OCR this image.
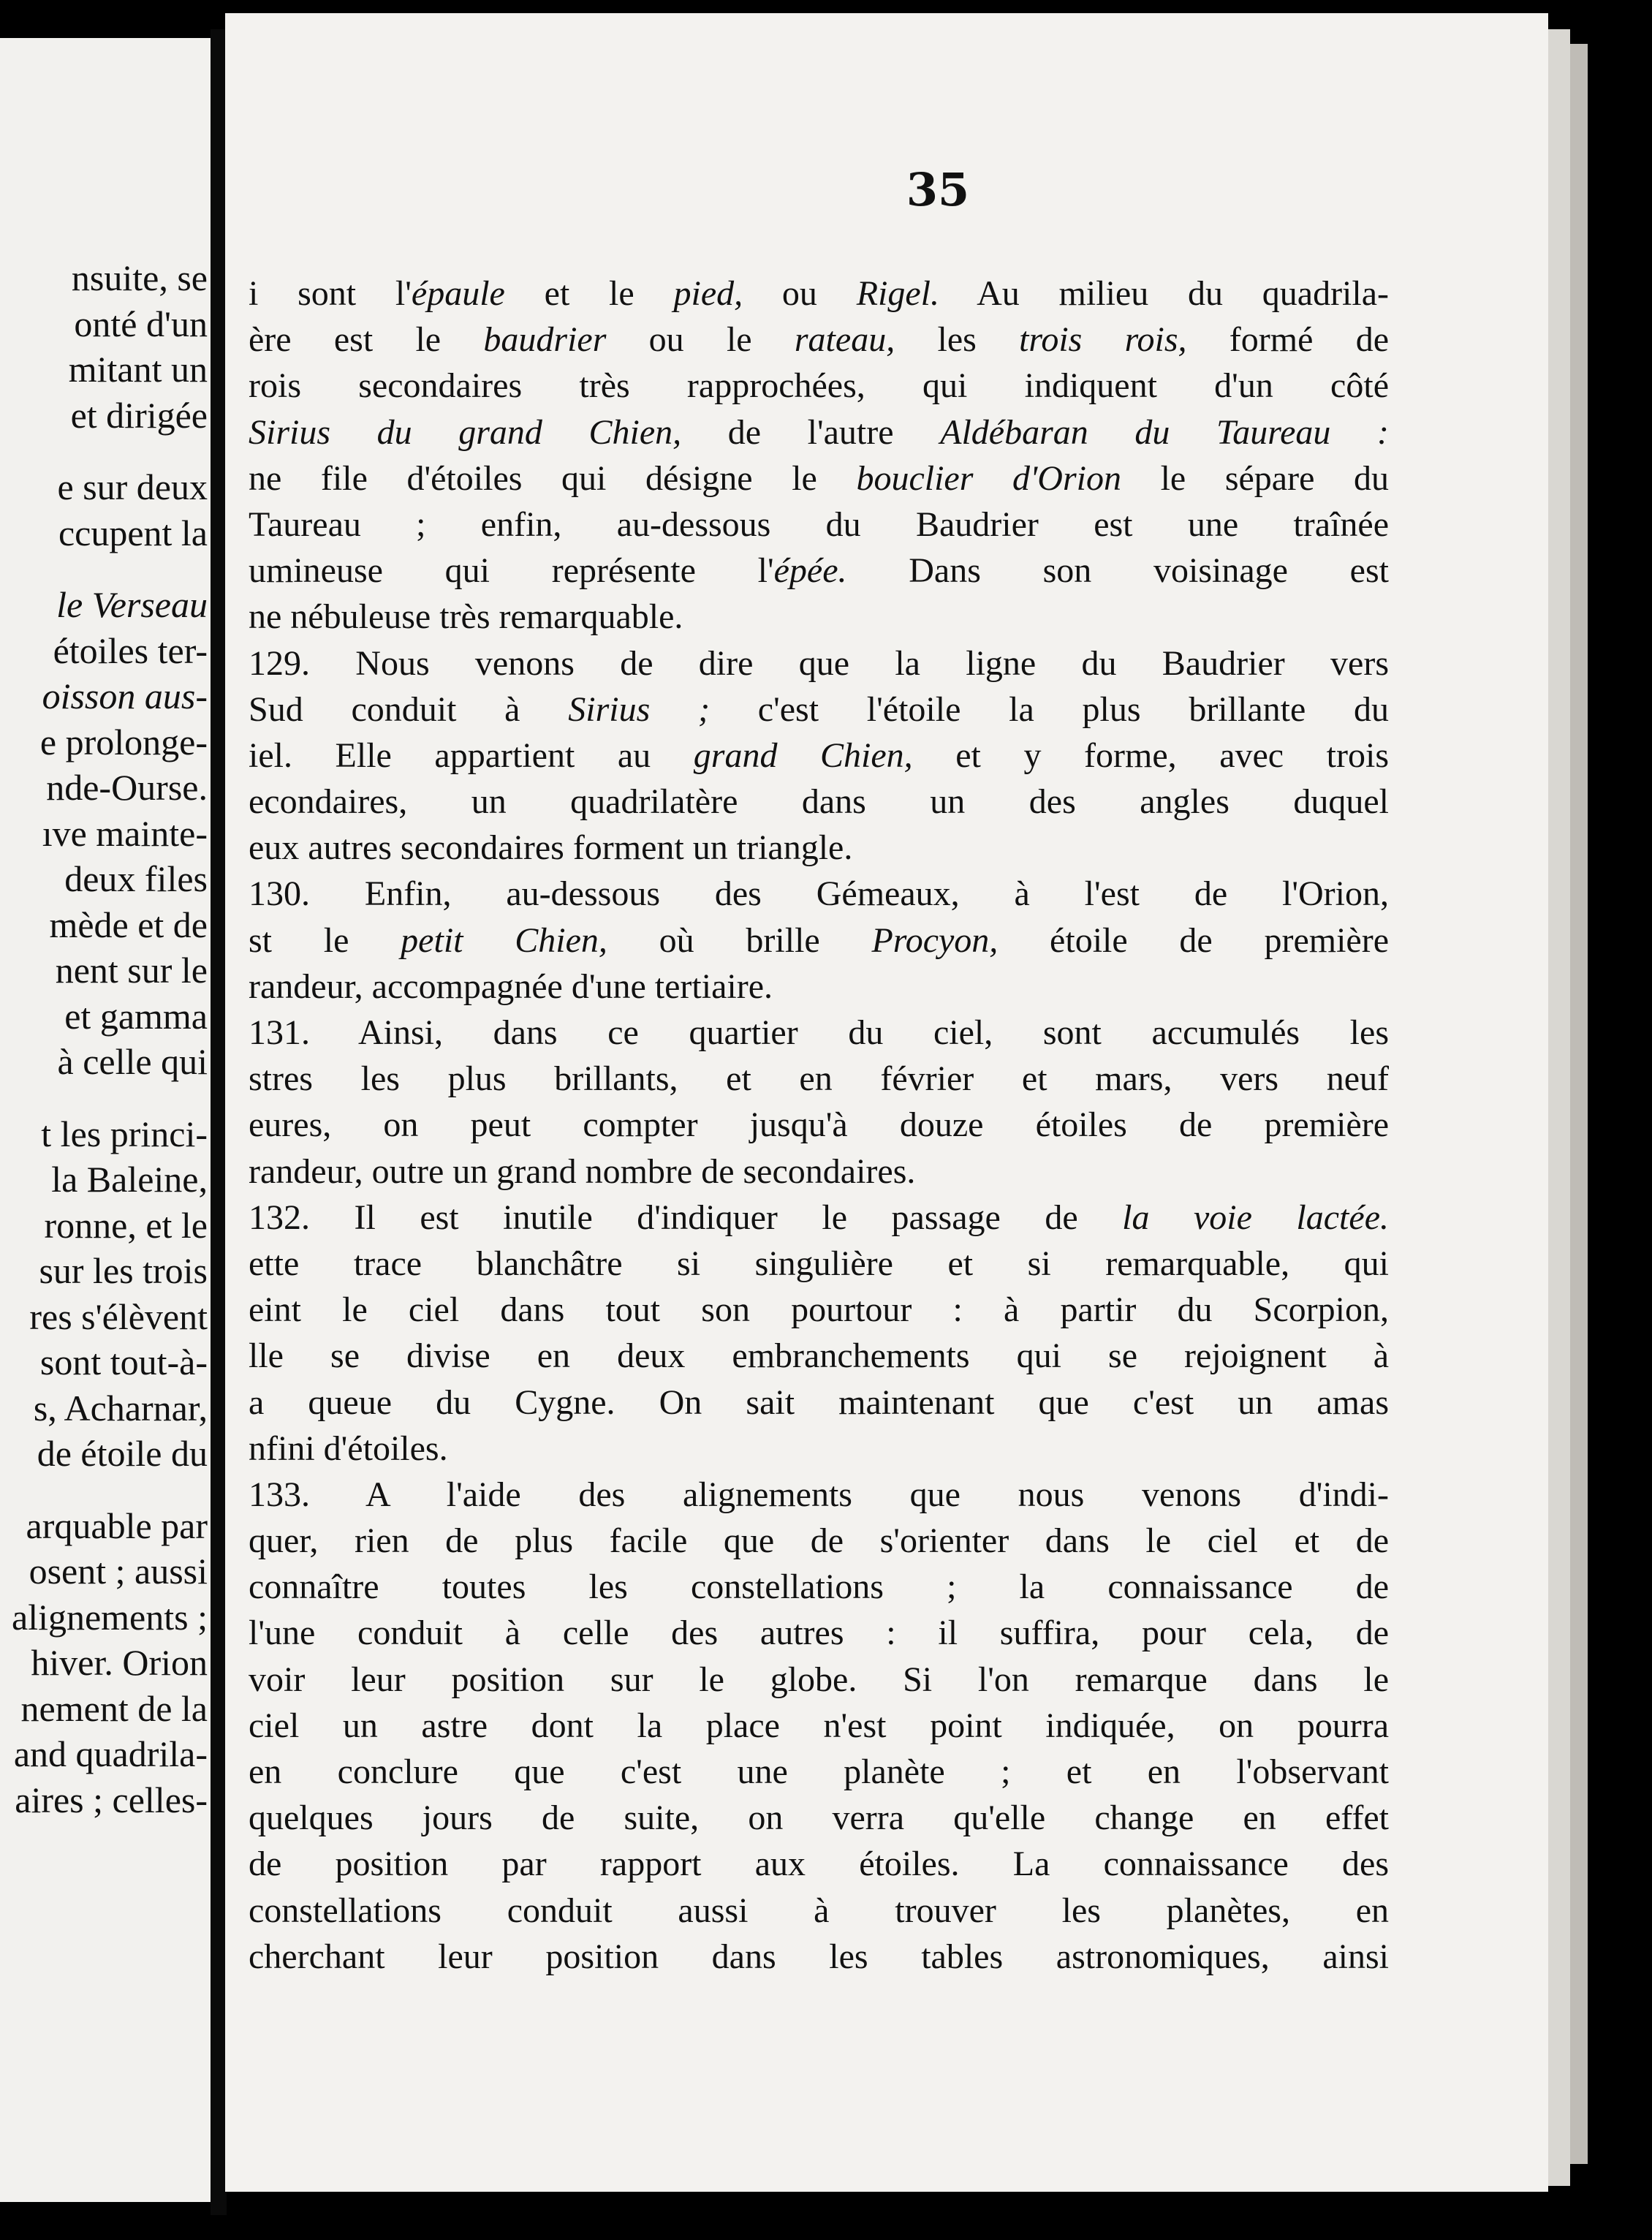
nsuite, se
onté d'un
mitant un
et dirigée
e sur deux
ccupent la
le Verseau
étoiles ter-
oisson aus-
e prolonge-
nde-Ourse.
ıve mainte-
deux files
mède et de
nent sur le
et gamma
à celle qui
t les princi-
la Baleine,
ronne, et le
sur les trois
res s'élèvent
sont tout-à-
s, Acharnar,
de étoile du
arquable par
osent ; aussi
alignements ;
hiver. Orion
nement de la
and quadrila-
aires ; celles-
35
i sont l'épaule et le pied, ou Rigel. Au milieu du quadrila-
ère est le baudrier ou le rateau, les trois rois, formé de
rois secondaires très rapprochées, qui indiquent d'un côté
Sirius du grand Chien, de l'autre Aldébaran du Taureau :
ne file d'étoiles qui désigne le bouclier d'Orion le sépare du
Taureau ; enfin, au-dessous du Baudrier est une traînée
umineuse qui représente l'épée. Dans son voisinage est
ne nébuleuse très remarquable.
129. Nous venons de dire que la ligne du Baudrier vers
Sud conduit à Sirius ; c'est l'étoile la plus brillante du
iel. Elle appartient au grand Chien, et y forme, avec trois
econdaires, un quadrilatère dans un des angles duquel
eux autres secondaires forment un triangle.
130. Enfin, au-dessous des Gémeaux, à l'est de l'Orion,
st le petit Chien, où brille Procyon, étoile de première
randeur, accompagnée d'une tertiaire.
131. Ainsi, dans ce quartier du ciel, sont accumulés les
stres les plus brillants, et en février et mars, vers neuf
eures, on peut compter jusqu'à douze étoiles de première
randeur, outre un grand nombre de secondaires.
132. Il est inutile d'indiquer le passage de la voie lactée.
ette trace blanchâtre si singulière et si remarquable, qui
eint le ciel dans tout son pourtour : à partir du Scorpion,
lle se divise en deux embranchements qui se rejoignent à
a queue du Cygne. On sait maintenant que c'est un amas
nfini d'étoiles.
133. A l'aide des alignements que nous venons d'indi-
quer, rien de plus facile que de s'orienter dans le ciel et de
connaître toutes les constellations ; la connaissance de
l'une conduit à celle des autres : il suffira, pour cela, de
voir leur position sur le globe. Si l'on remarque dans le
ciel un astre dont la place n'est point indiquée, on pourra
en conclure que c'est une planète ; et en l'observant
quelques jours de suite, on verra qu'elle change en effet
de position par rapport aux étoiles. La connaissance des
constellations conduit aussi à trouver les planètes, en
cherchant leur position dans les tables astronomiques, ainsi
